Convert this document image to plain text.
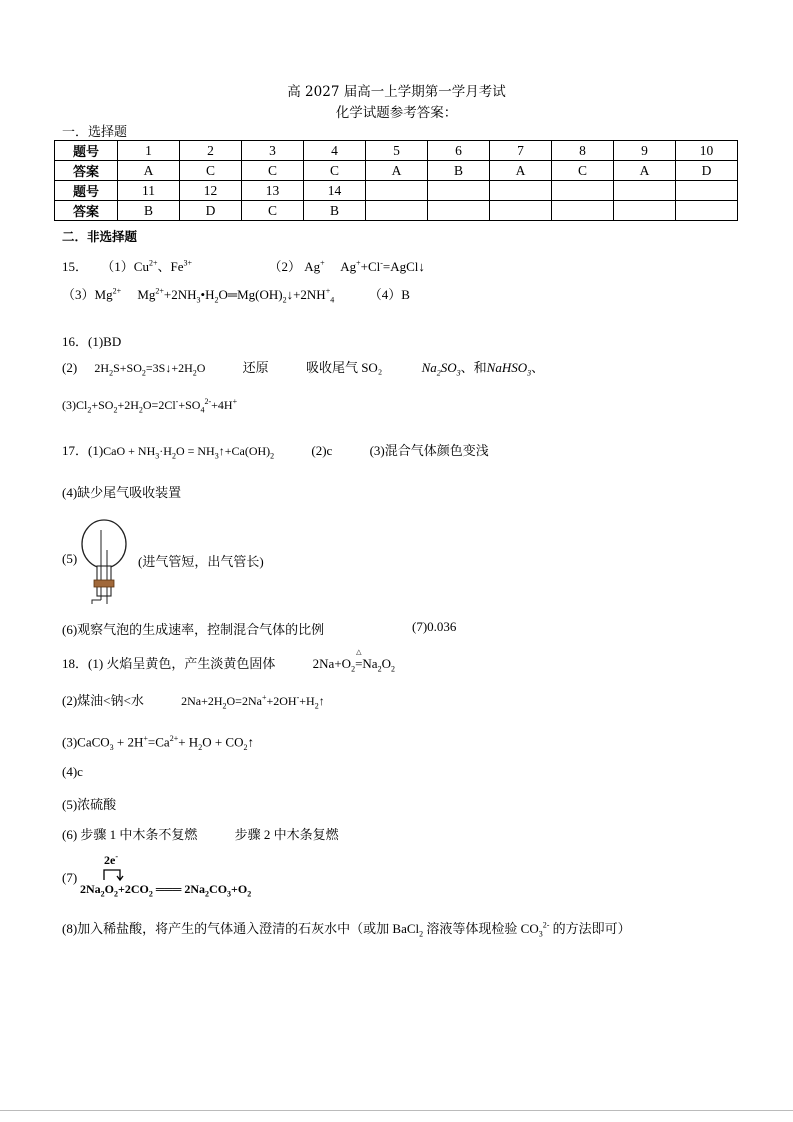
高 2027 届高一上学期第一学月考试
化学试题参考答案：
一．选择题
题号	1	2	3	4	5	6	7	8	9	10
答案	A	C	C	C	A	B	A	C	A	D
题号	11	12	13	14						
答案	B	D	C	B						
二．非选择题
15． $(1)Cu^{2+}$、$Fe^{3+}$	（2） Ag+     Ag++Cl-=AgCl↓
$(3)Mg^{2+}$     $Mg^{2+}+2NH_3•H_2O═Mg(OH)_2↓+2NH^+_4$	（4）B
16．(1)BD
(2) $2H_2S+SO_2=3S↓+2H_2O$	还原	吸收尾气 SO₂	$Na_2SO_3$、和NaHSO$_3$、
$(3)Cl_2+SO_2+2H_2O=2Cl^-+SO_4^{2-}+4H^+$
17．$(1)CaO + NH_3\cdot H_2O$ = $NH_3↑+Ca(OH)_2$	(2)c	(3)混合气体颜色变浅
(4)缺少尾气吸收装置
(5)	(进气管短，出气管长)
(6)观察气泡的生成速率，控制混合气体的比例	(7)0.036
18．(1) 火焰呈黄色，产生淡黄色固体	$2Na+O_2$
△
$=Na_2O_2$
(2)煤油<钠<水	$2Na+2H_2O=2Na^++2OH^-+H_2↑$
(3)CaCO$_3$ + $2H^+=Ca^{2+}+ H_2O$ + $CO_2↑$
(4)c
(5)浓硫酸
(6) 步骤 1 中木条不复燃	步骤 2 中木条复燃
(7)
2e-
$2Na_2O_2+2CO_2$ ═══ $2Na_2CO_3+O_2$
(8)加入稀盐酸，将产生的气体通入澄清的石灰水中（或加 BaCl$_2$ 溶液等体现检验 $CO_3^{2-}$ 的方法即可）
